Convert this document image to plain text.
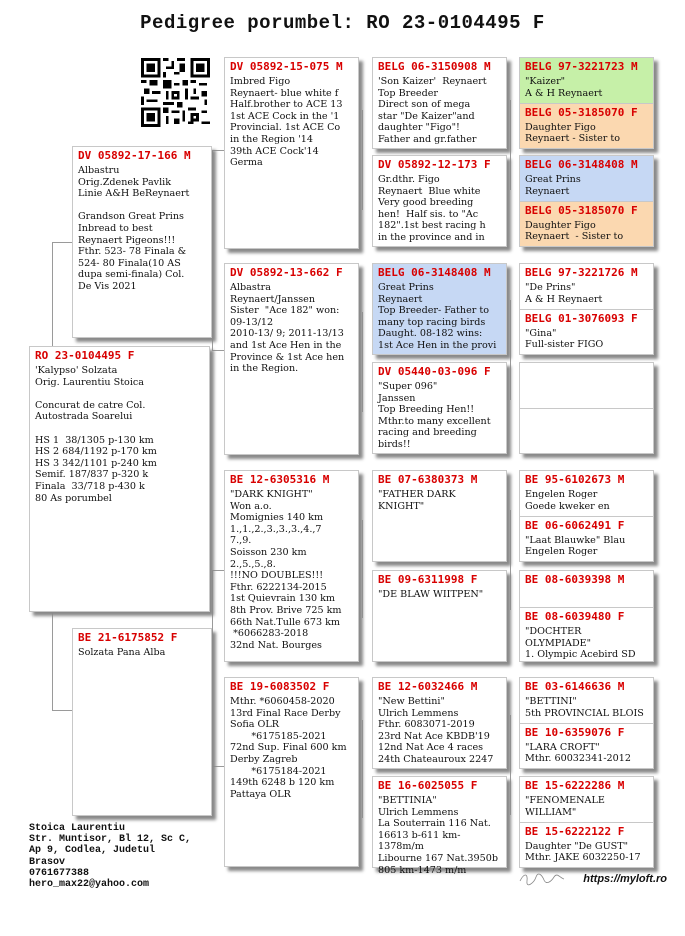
Pedigree porumbel: RO 23-0104495 F
RO 23-0104495 F

'Kalypso' Solzata
Orig. Laurentiu Stoica

Concurat de catre Col.
Autostrada Soarelui

HS 1  38/1305 p-130 km
HS 2 684/1192 p-170 km
HS 3 342/1101 p-240 km
Semif. 187/837 p-320 k
Finala  33/718 p-430 k
80 As porumbel

DV 05892-17-166 M

Albastru
Orig.Zdenek Pavlik
Linie A&H BeReynaert

Grandson Great Prins
Inbread to best
Reynaert Pigeons!!!
Fthr. 523- 78 Finala &
524- 80 Finala(10 AS
dupa semi-finala) Col.
De Vis 2021

BE 21-6175852 F

Solzata Pana Alba

DV 05892-15-075 M

Imbred Figo
Reynaert- blue white f
Half.brother to ACE 13
1st ACE Cock in the '1
Provincial. 1st ACE Co
in the Region '14
39th ACE Cock'14 Germa

DV 05892-13-662 F

Albastra
Reynaert/Janssen
Sister  "Ace 182" won:
09-13/12
2010-13/ 9; 2011-13/13
and 1st Ace Hen in the
Province & 1st Ace hen
in the Region.

BE 12-6305316 M

"DARK KNIGHT"
Won a.o.
Momignies 140 km
1.,1.,2.,3.,3.,3.,4.,7
7.,9.
Soisson 230 km
2.,5.,5.,8.
!!!NO DOUBLES!!!
Fthr. 6222134-2015
1st Quievrain 130 km
8th Prov. Brive 725 km
66th Nat.Tulle 673 km
*6066283-2018
32nd Nat. Bourges

BE 19-6083502 F

Mthr. *6060458-2020
13rd Final Race Derby
Sofia OLR
*6175185-2021
72nd Sup. Final 600 km
Derby Zagreb
*6175184-2021
149th 6248 b 120 km
Pattaya OLR

BELG 06-3150908 M

'Son Kaizer'  Reynaert
Top Breeder
Direct son of mega
star "De Kaizer"and
daughter "Figo"!
Father and gr.father

DV 05892-12-173 F

Gr.dthr. Figo
Reynaert  Blue white
Very good breeding
hen!  Half sis. to "Ac
182".1st best racing h
in the province and in

BELG 06-3148408 M

Great Prins
Reynaert
Top Breeder- Father to
many top racing birds
Daught. 08-182 wins:
1st Ace Hen in the provi

DV 05440-03-096 F

"Super 096"
Janssen
Top Breeding Hen!!
Mthr.to many excellent
racing and breeding
birds!!

BE 07-6380373 M

"FATHER DARK KNIGHT"

BE 09-6311998 F

"DE BLAW WIITPEN"

BE 12-6032466 M

"New Bettini"
Ulrich Lemmens
Fthr. 6083071-2019
23rd Nat Ace KBDB'19
12nd Nat Ace 4 races
24th Chateauroux 2247

BE 16-6025055 F

"BETTINIA"
Ulrich Lemmens
La Souterrain 116 Nat.
16613 b-611 km-1378m/m
Libourne 167 Nat.3950b
805 km-1473 m/m

BELG 97-3221723 M

"Kaizer"
A & H Reynaert

BELG 05-3185070 F

Daughter Figo
Reynaert - Sister to

BELG 06-3148408 M

Great Prins
Reynaert

BELG 05-3185070 F

Daughter Figo
Reynaert  - Sister to

BELG 97-3221726 M

"De Prins"
A & H Reynaert

BELG 01-3076093 F

"Gina"
Full-sister FIGO

BE 95-6102673 M

Engelen Roger
Goede kweker en

BE 06-6062491 F

"Laat Blauwke" Blau
Engelen Roger

BE 08-6039398 M

BE 08-6039480 F

"DOCHTER OLYMPIADE"
1. Olympic Acebird SD

BE 03-6146636 M

"BETTINI"
5th PROVINCIAL BLOIS

BE 10-6359076 F

"LARA CROFT"
Mthr. 60032341-2012

BE 15-6222286 M

"FENOMENALE WILLIAM"

BE 15-6222122 F

Daughter "De GUST"
Mthr. JAKE 6032250-17

Stoica Laurentiu
Str. Muntisor, Bl 12, Sc C,
Ap 9, Codlea, Judetul
Brasov
0761677388
hero_max22@yahoo.com	https://myloft.ro
